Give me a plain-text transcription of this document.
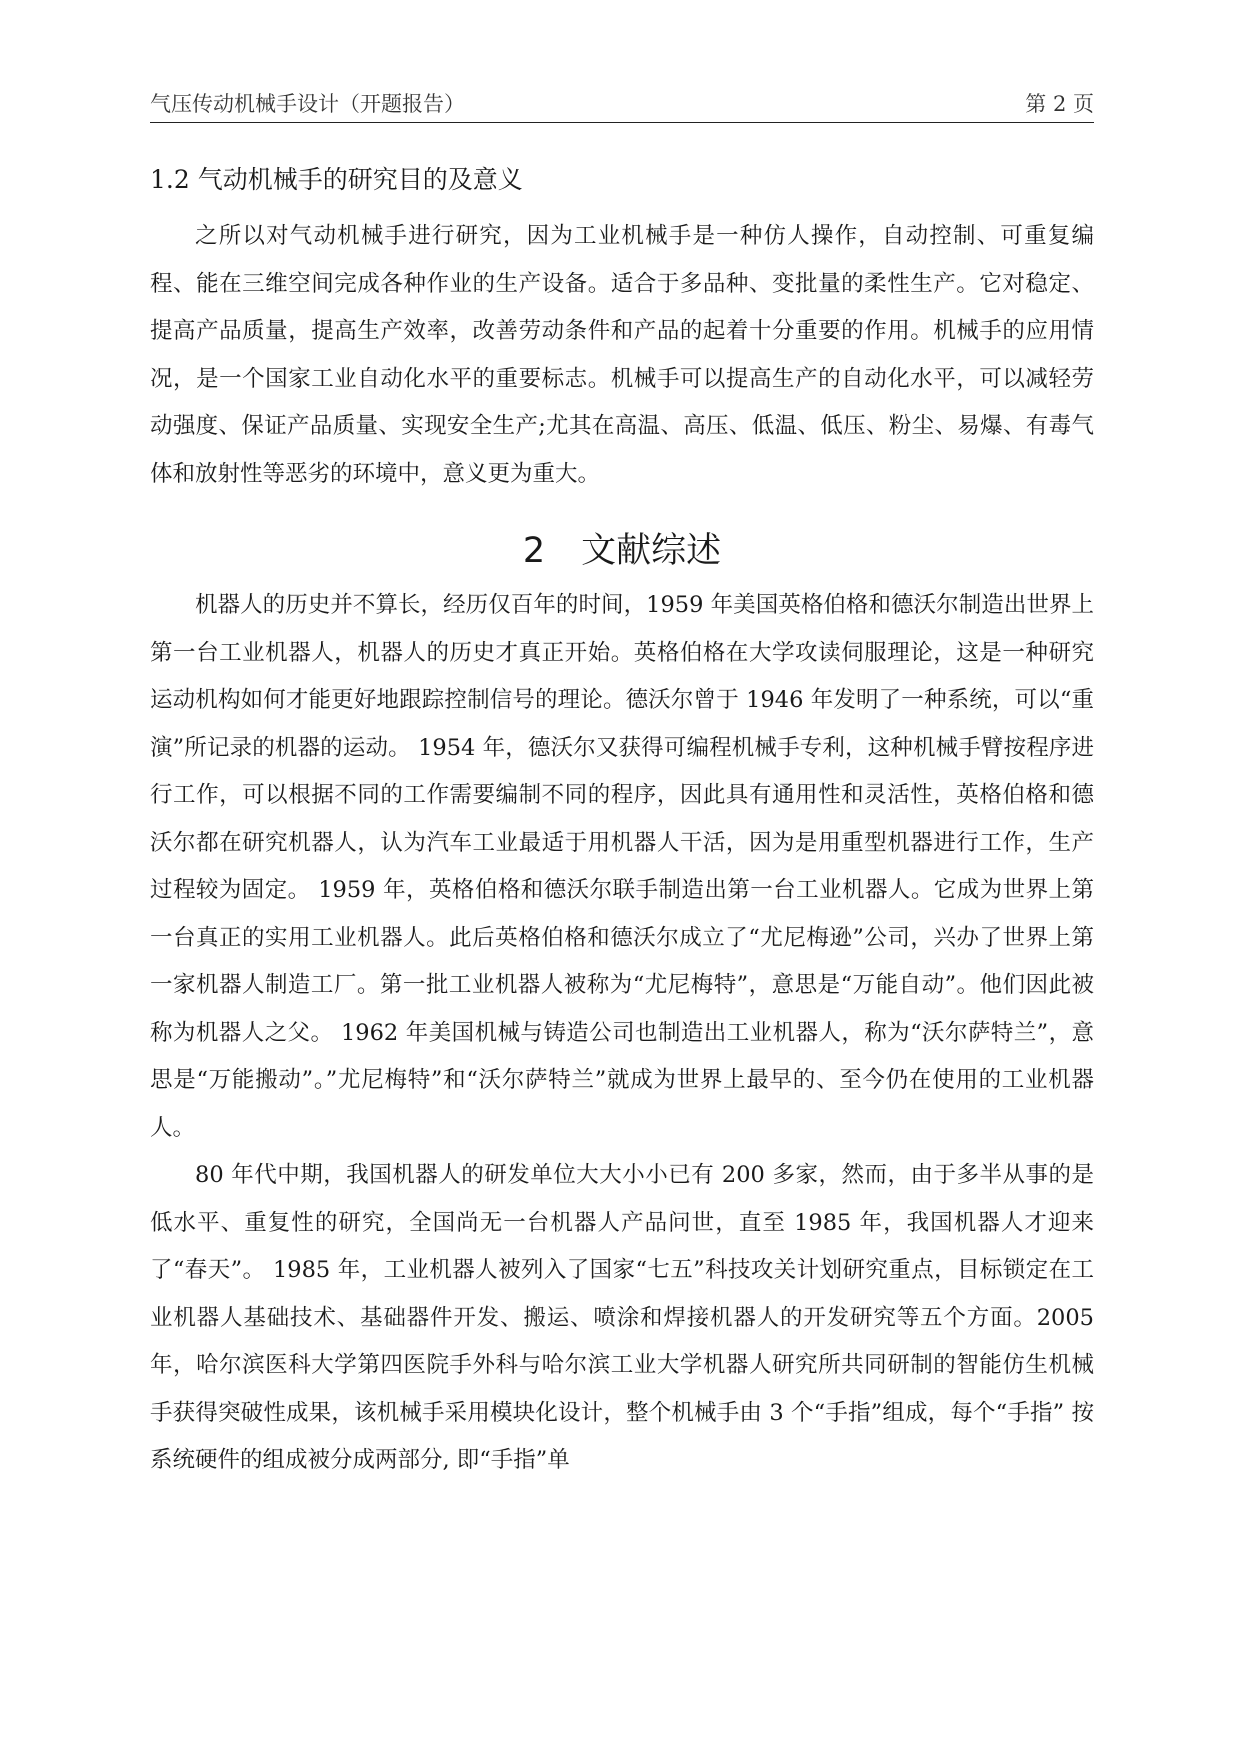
气压传动机械手设计（开题报告）	第 2 页
1.2 气动机械手的研究目的及意义

之所以对气动机械手进行研究，因为工业机械手是一种仿人操作，自动控制、可重复编程、能在三维空间完成各种作业的生产设备。适合于多品种、变批量的柔性生产。它对稳定、提高产品质量，提高生产效率，改善劳动条件和产品的起着十分重要的作用。机械手的应用情况，是一个国家工业自动化水平的重要标志。机械手可以提高生产的自动化水平，可以减轻劳动强度、保证产品质量、实现安全生产;尤其在高温、高压、低温、低压、粉尘、易爆、有毒气体和放射性等恶劣的环境中，意义更为重大。

2 文献综述

机器人的历史并不算长，经历仅百年的时间，1959 年美国英格伯格和德沃尔制造出世界上第一台工业机器人，机器人的历史才真正开始。英格伯格在大学攻读伺服理论，这是一种研究运动机构如何才能更好地跟踪控制信号的理论。德沃尔曾于 1946 年发明了一种系统，可以“重演”所记录的机器的运动。 1954 年，德沃尔又获得可编程机械手专利，这种机械手臂按程序进行工作，可以根据不同的工作需要编制不同的程序，因此具有通用性和灵活性，英格伯格和德沃尔都在研究机器人，认为汽车工业最适于用机器人干活，因为是用重型机器进行工作，生产过程较为固定。 1959 年，英格伯格和德沃尔联手制造出第一台工业机器人。它成为世界上第一台真正的实用工业机器人。此后英格伯格和德沃尔成立了“尤尼梅逊”公司，兴办了世界上第一家机器人制造工厂。第一批工业机器人被称为“尤尼梅特”，意思是“万能自动”。他们因此被称为机器人之父。 1962 年美国机械与铸造公司也制造出工业机器人，称为“沃尔萨特兰”，意思是“万能搬动”。”尤尼梅特”和“沃尔萨特兰”就成为世界上最早的、至今仍在使用的工业机器人。

80 年代中期，我国机器人的研发单位大大小小已有 200 多家，然而，由于多半从事的是低水平、重复性的研究，全国尚无一台机器人产品问世，直至 1985 年，我国机器人才迎来了“春天”。 1985 年，工业机器人被列入了国家“七五”科技攻关计划研究重点，目标锁定在工业机器人基础技术、基础器件开发、搬运、喷涂和焊接机器人的开发研究等五个方面。2005 年，哈尔滨医科大学第四医院手外科与哈尔滨工业大学机器人研究所共同研制的智能仿生机械手获得突破性成果，该机械手采用模块化设计，整个机械手由 3 个“手指”组成，每个“手指” 按系统硬件的组成被分成两部分, 即“手指”单
